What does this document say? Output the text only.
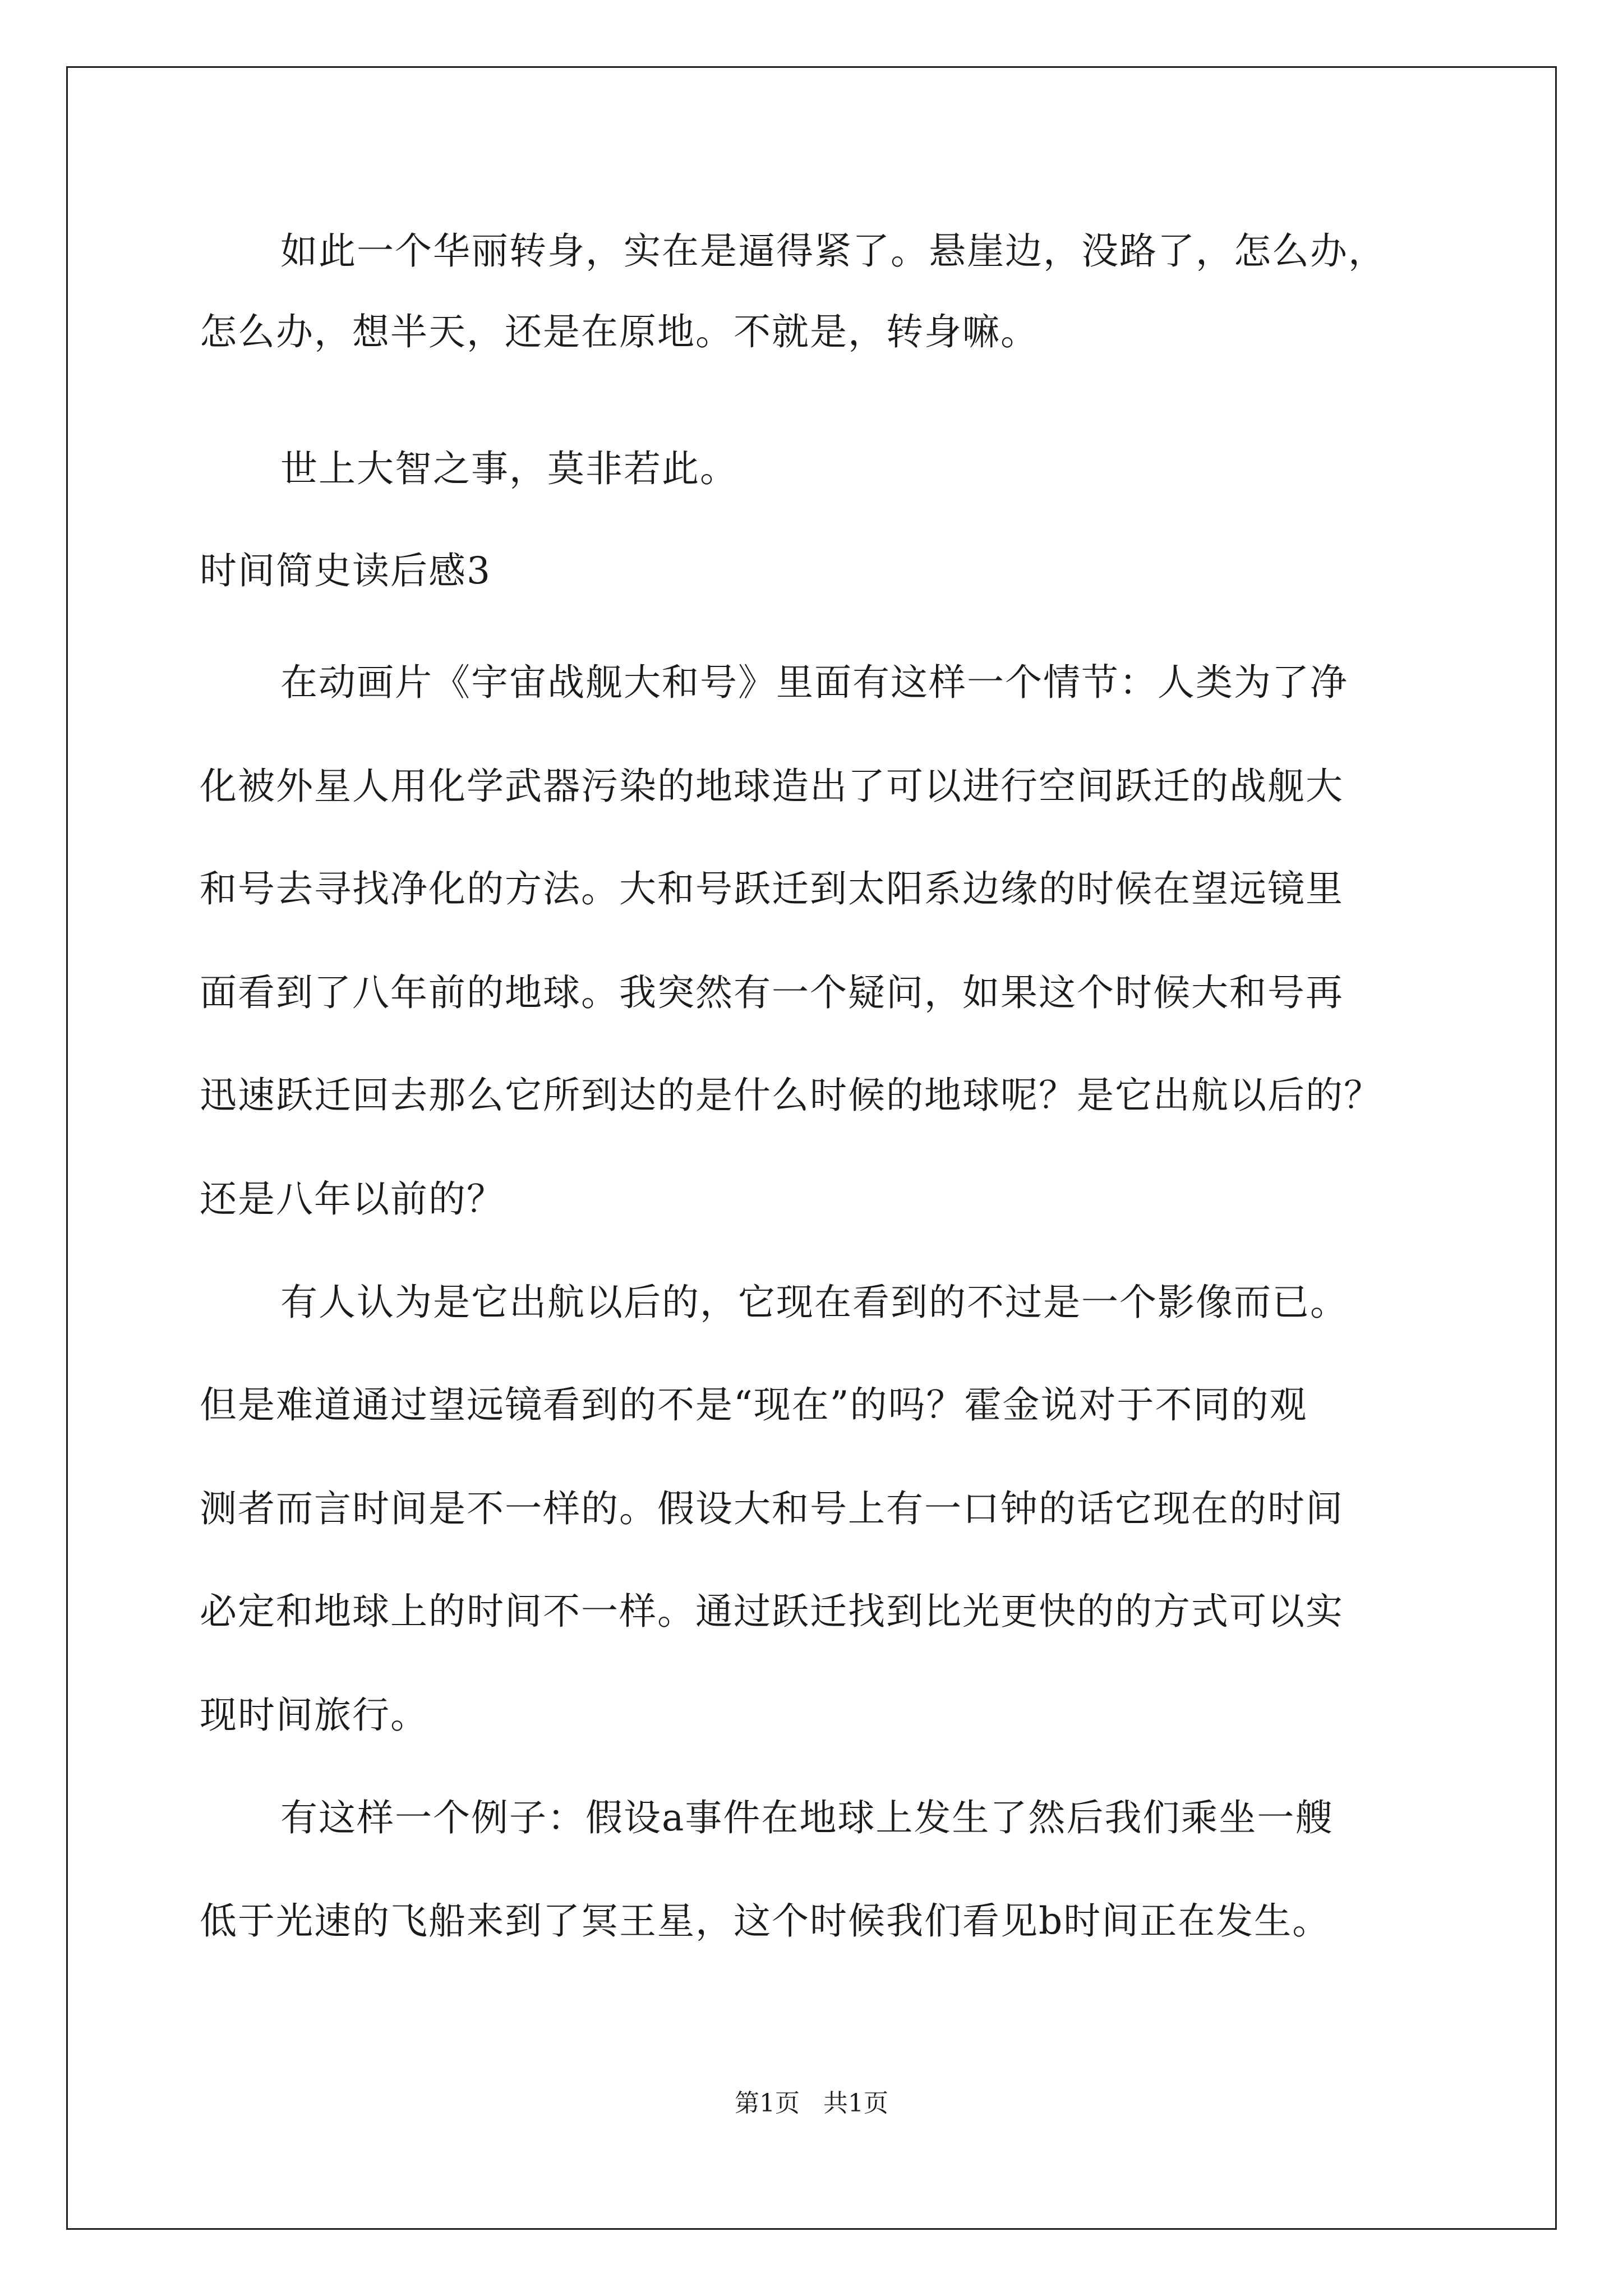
如此一个华丽转身，实在是逼得紧了。悬崖边，没路了，怎么办，
怎么办，想半天，还是在原地。不就是，转身嘛。
世上大智之事，莫非若此。
时间简史读后感3
在动画片《宇宙战舰大和号》里面有这样一个情节：人类为了净
化被外星人用化学武器污染的地球造出了可以进行空间跃迁的战舰大
和号去寻找净化的方法。大和号跃迁到太阳系边缘的时候在望远镜里
面看到了八年前的地球。我突然有一个疑问，如果这个时候大和号再
迅速跃迁回去那么它所到达的是什么时候的地球呢？是它出航以后的？
还是八年以前的？
有人认为是它出航以后的，它现在看到的不过是一个影像而已。
但是难道通过望远镜看到的不是“现在”的吗？霍金说对于不同的观
测者而言时间是不一样的。假设大和号上有一口钟的话它现在的时间
必定和地球上的时间不一样。通过跃迁找到比光更快的的方式可以实
现时间旅行。
有这样一个例子：假设a事件在地球上发生了然后我们乘坐一艘
低于光速的飞船来到了冥王星，这个时候我们看见b时间正在发生。
第1页   共1页
